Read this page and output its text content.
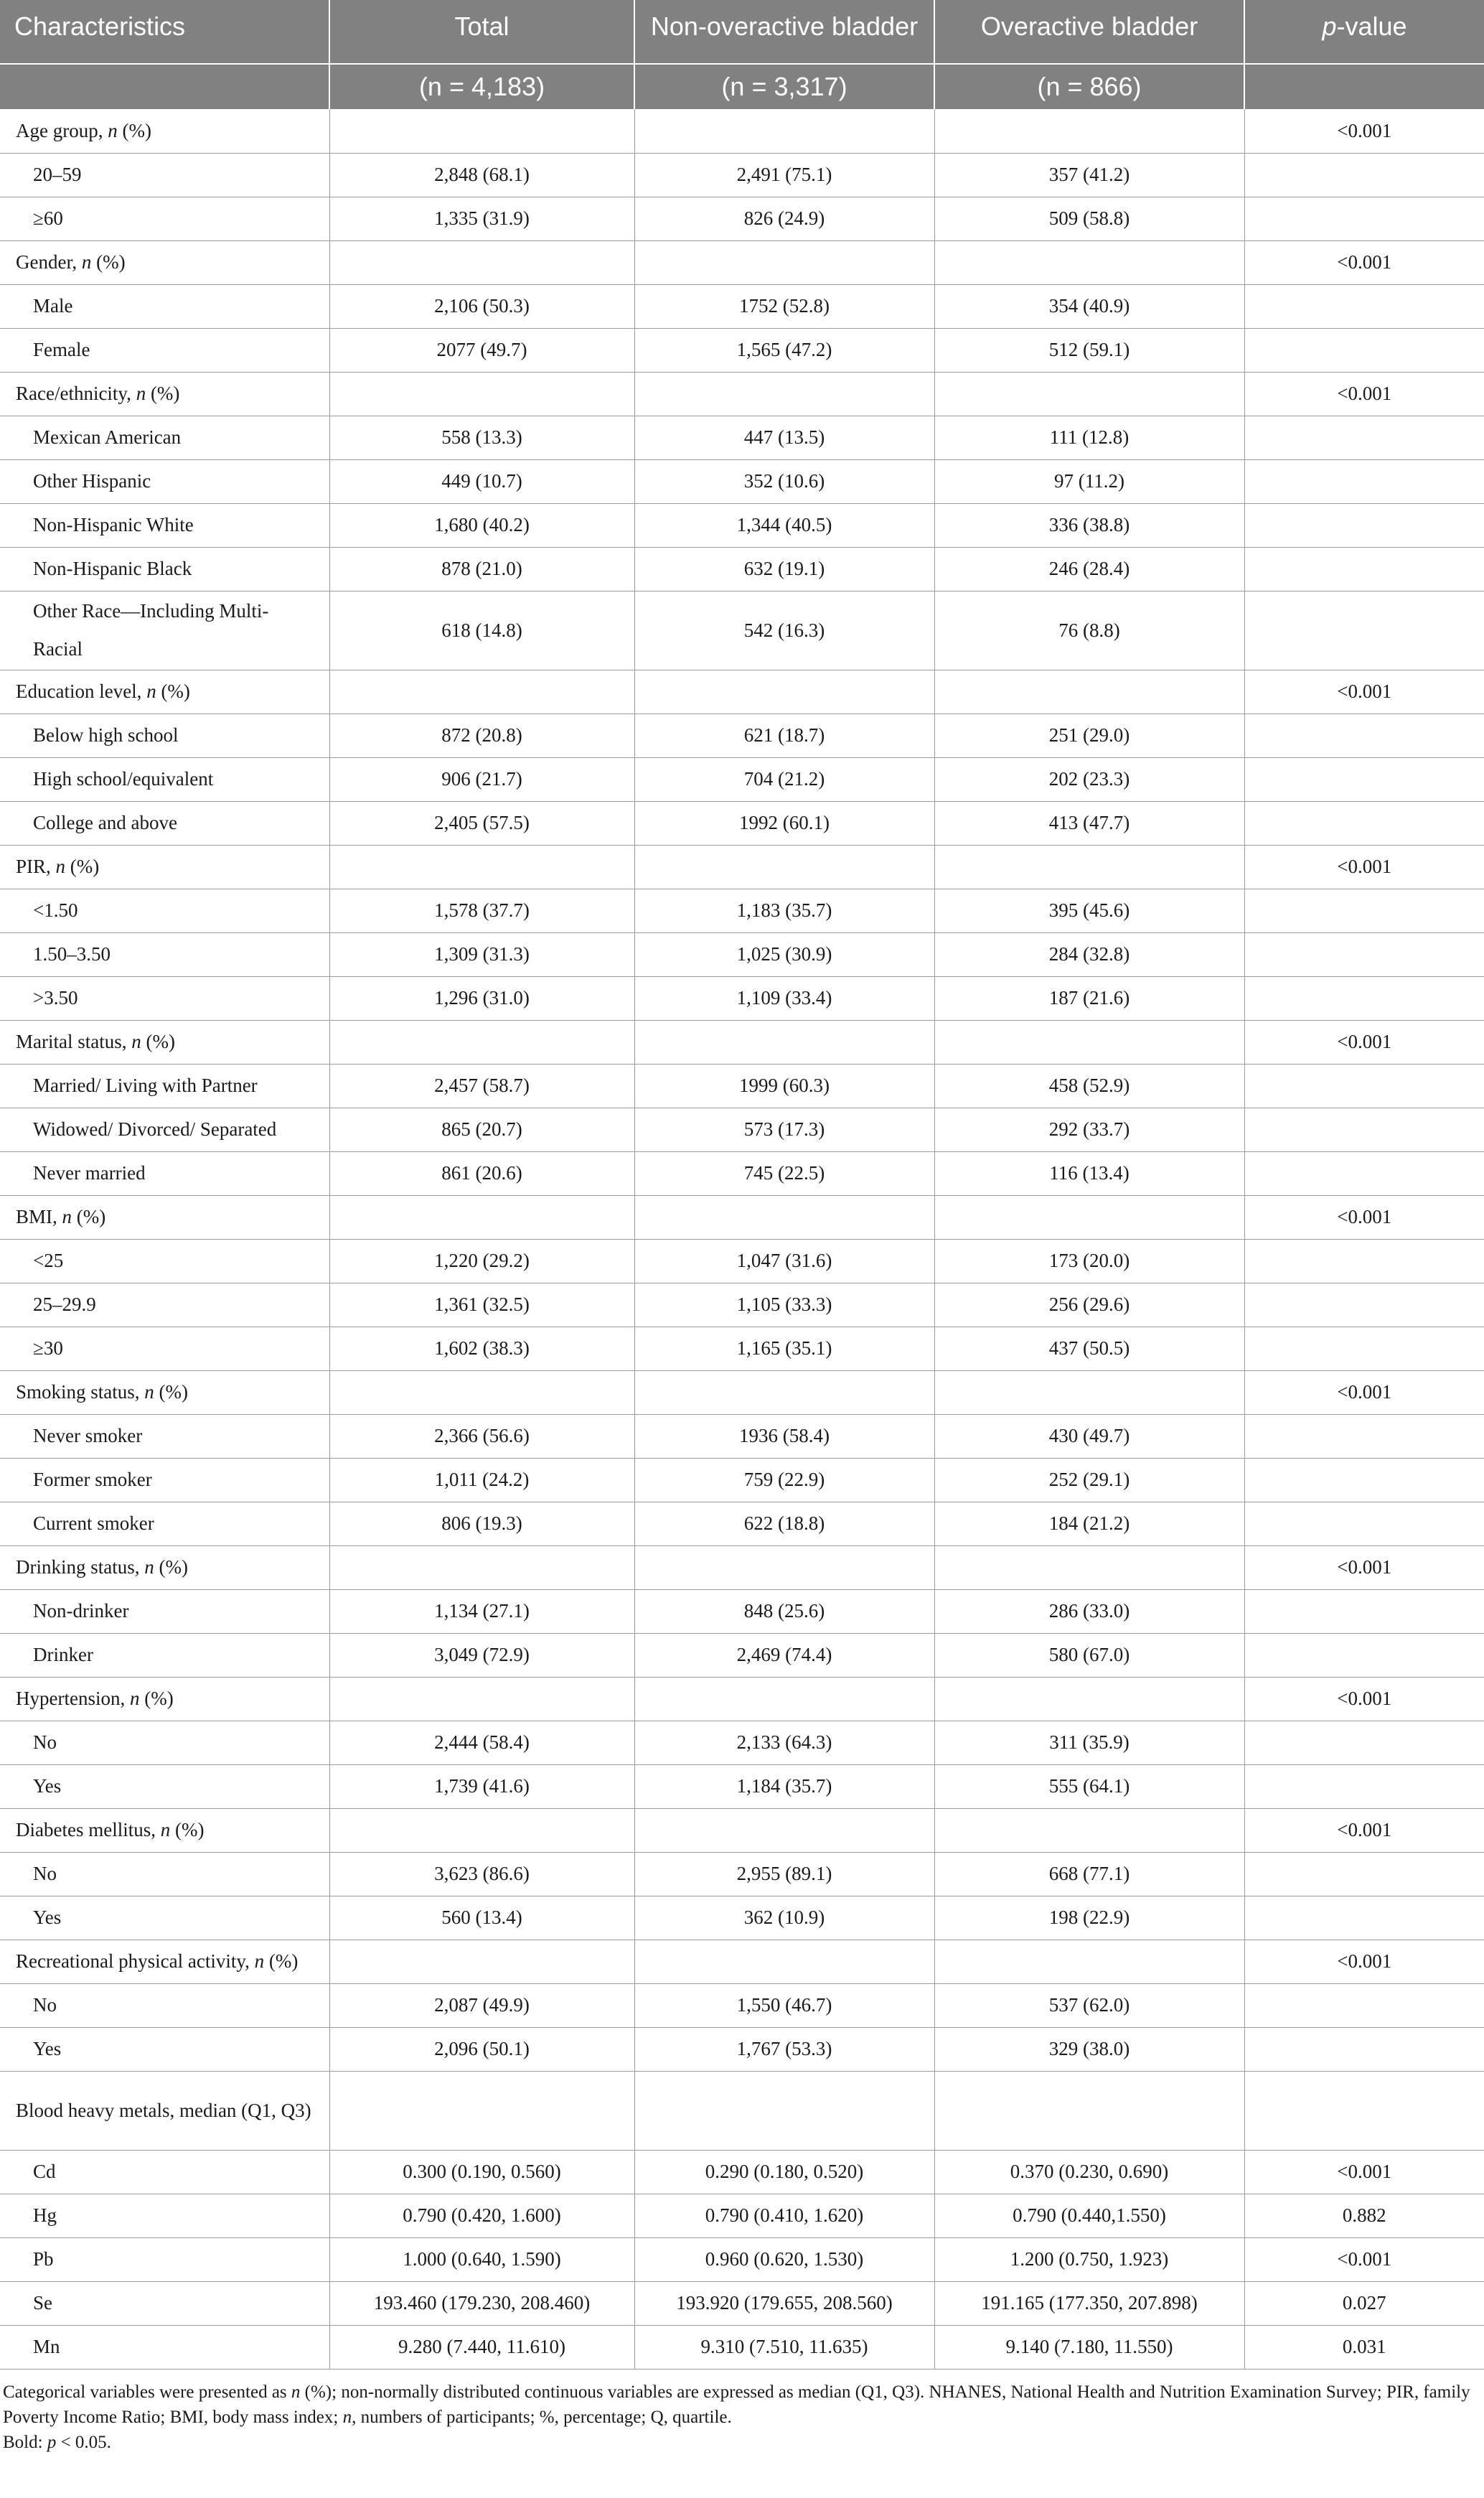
Characteristics	Total	Non-overactive bladder	Overactive bladder	p-value
	(n = 4,183)	(n = 3,317)	(n = 866)	
Age group, n (%)				<0.001
20–59	2,848 (68.1)	2,491 (75.1)	357 (41.2)	
≥60	1,335 (31.9)	826 (24.9)	509 (58.8)	
Gender, n (%)				<0.001
Male	2,106 (50.3)	1752 (52.8)	354 (40.9)	
Female	2077 (49.7)	1,565 (47.2)	512 (59.1)	
Race/ethnicity, n (%)				<0.001
Mexican American	558 (13.3)	447 (13.5)	111 (12.8)	
Other Hispanic	449 (10.7)	352 (10.6)	97 (11.2)	
Non-Hispanic White	1,680 (40.2)	1,344 (40.5)	336 (38.8)	
Non-Hispanic Black	878 (21.0)	632 (19.1)	246 (28.4)	
Other Race—Including Multi-Racial	618 (14.8)	542 (16.3)	76 (8.8)	
Education level, n (%)				<0.001
Below high school	872 (20.8)	621 (18.7)	251 (29.0)	
High school/equivalent	906 (21.7)	704 (21.2)	202 (23.3)	
College and above	2,405 (57.5)	1992 (60.1)	413 (47.7)	
PIR, n (%)				<0.001
<1.50	1,578 (37.7)	1,183 (35.7)	395 (45.6)	
1.50–3.50	1,309 (31.3)	1,025 (30.9)	284 (32.8)	
>3.50	1,296 (31.0)	1,109 (33.4)	187 (21.6)	
Marital status, n (%)				<0.001
Married/ Living with Partner	2,457 (58.7)	1999 (60.3)	458 (52.9)	
Widowed/ Divorced/ Separated	865 (20.7)	573 (17.3)	292 (33.7)	
Never married	861 (20.6)	745 (22.5)	116 (13.4)	
BMI, n (%)				<0.001
<25	1,220 (29.2)	1,047 (31.6)	173 (20.0)	
25–29.9	1,361 (32.5)	1,105 (33.3)	256 (29.6)	
≥30	1,602 (38.3)	1,165 (35.1)	437 (50.5)	
Smoking status, n (%)				<0.001
Never smoker	2,366 (56.6)	1936 (58.4)	430 (49.7)	
Former smoker	1,011 (24.2)	759 (22.9)	252 (29.1)	
Current smoker	806 (19.3)	622 (18.8)	184 (21.2)	
Drinking status, n (%)				<0.001
Non-drinker	1,134 (27.1)	848 (25.6)	286 (33.0)	
Drinker	3,049 (72.9)	2,469 (74.4)	580 (67.0)	
Hypertension, n (%)				<0.001
No	2,444 (58.4)	2,133 (64.3)	311 (35.9)	
Yes	1,739 (41.6)	1,184 (35.7)	555 (64.1)	
Diabetes mellitus, n (%)				<0.001
No	3,623 (86.6)	2,955 (89.1)	668 (77.1)	
Yes	560 (13.4)	362 (10.9)	198 (22.9)	
Recreational physical activity, n (%)				<0.001
No	2,087 (49.9)	1,550 (46.7)	537 (62.0)	
Yes	2,096 (50.1)	1,767 (53.3)	329 (38.0)	
Blood heavy metals, median (Q1, Q3)				
Cd	0.300 (0.190, 0.560)	0.290 (0.180, 0.520)	0.370 (0.230, 0.690)	<0.001
Hg	0.790 (0.420, 1.600)	0.790 (0.410, 1.620)	0.790 (0.440,1.550)	0.882
Pb	1.000 (0.640, 1.590)	0.960 (0.620, 1.530)	1.200 (0.750, 1.923)	<0.001
Se	193.460 (179.230, 208.460)	193.920 (179.655, 208.560)	191.165 (177.350, 207.898)	0.027
Mn	9.280 (7.440, 11.610)	9.310 (7.510, 11.635)	9.140 (7.180, 11.550)	0.031
Categorical variables were presented as n (%); non-normally distributed continuous variables are expressed as median (Q1, Q3). NHANES, National Health and Nutrition Examination Survey; PIR, family Poverty Income Ratio; BMI, body mass index; n, numbers of participants; %, percentage; Q, quartile.
Bold: p < 0.05.
